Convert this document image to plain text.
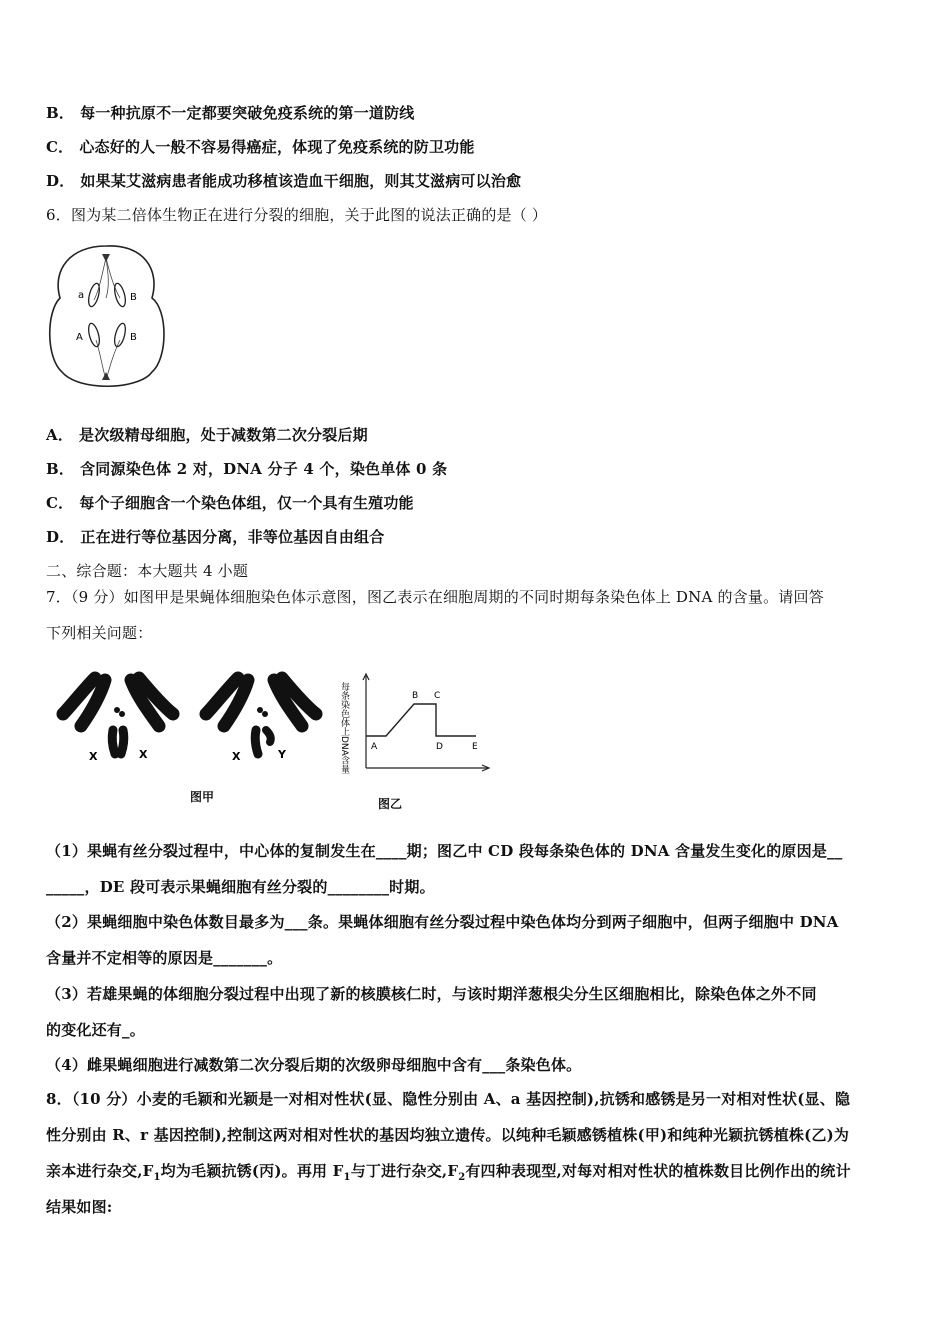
B． 每一种抗原不一定都要突破免疫系统的第一道防线
C． 心态好的人一般不容易得癌症，体现了免疫系统的防卫功能
D． 如果某艾滋病患者能成功移植该造血干细胞，则其艾滋病可以治愈
6．图为某二倍体生物正在进行分裂的细胞，关于此图的说法正确的是（ ）
a	B
A	B
A． 是次级精母细胞，处于减数第二次分裂后期
B． 含同源染色体 2 对，DNA 分子 4 个，染色单体 0 条
C． 每个子细胞含一个染色体组，仅一个具有生殖功能
D． 正在进行等位基因分离，非等位基因自由组合
二、综合题：本大题共 4 小题
7．（9 分）如图甲是果蝇体细胞染色体示意图，图乙表示在细胞周期的不同时期每条染色体上 DNA 的含量。请回答
下列相关问题：
X	X	X	Y
图甲
每条染色体上DNA含量 A
B C
D	E
图乙
（1）果蝇有丝分裂过程中，中心体的复制发生在____期；图乙中 CD 段每条染色体的 DNA 含量发生变化的原因是__
_____，DE 段可表示果蝇细胞有丝分裂的________时期。
（2）果蝇细胞中染色体数目最多为___条。果蝇体细胞有丝分裂过程中染色体均分到两子细胞中，但两子细胞中 DNA
含量并不定相等的原因是_______。
（3）若雄果蝇的体细胞分裂过程中出现了新的核膜核仁时，与该时期洋葱根尖分生区细胞相比，除染色体之外不同
的变化还有_。
（4）雌果蝇细胞进行减数第二次分裂后期的次级卵母细胞中含有___条染色体。
8．（10 分）小麦的毛颖和光颖是一对相对性状(显、隐性分别由 A、a 基因控制),抗锈和感锈是另一对相对性状(显、隐
性分别由 R、r 基因控制),控制这两对相对性状的基因均独立遗传。以纯种毛颖感锈植株(甲)和纯种光颖抗锈植株(乙)为
亲本进行杂交$,F_1$均为毛颖抗锈(丙)。再用 $F_1$与丁进行杂交$,F_2$有四种表现型,对每对相对性状的植株数目比例作出的统计
结果如图:
